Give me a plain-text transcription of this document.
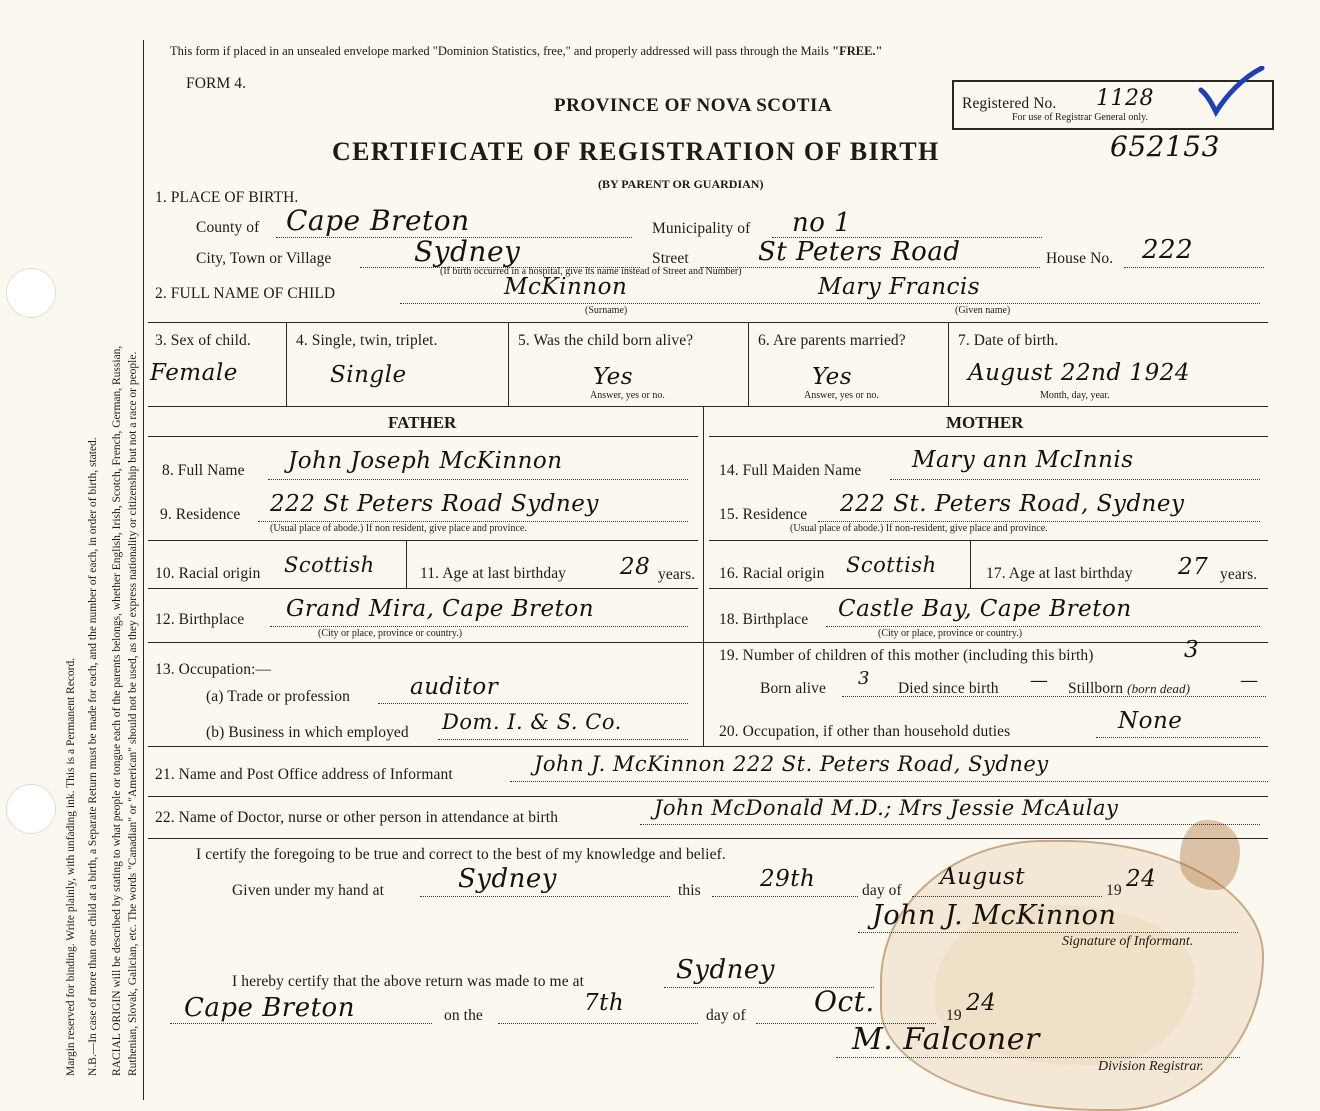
Margin reserved for binding. Write plainly, with unfading ink. This is a Permanent Record. N.B.—In case of more than one child at a birth, a Separate Return must be made for each, and the number of each, in order of birth, stated. RACIAL ORIGIN will be described by stating to what people or tongue each of the parents belongs, whether English, Irish, Scotch, French, German, Russian, Ruthenian, Slovak, Galician, etc. The words "Canadian" or "American" should not be used, as they express nationality or citizenship but not a race or people.
This form if placed in an unsealed envelope marked "Dominion Statistics, free," and properly addressed will pass through the Mails "FREE."
FORM 4.
PROVINCE OF NOVA SCOTIA
CERTIFICATE OF REGISTRATION OF BIRTH
(BY PARENT OR GUARDIAN)
652153
Registered No. 1128
For use of Registrar General only.
1. PLACE OF BIRTH.
County of Cape Breton	Municipality of no 1
City, Town or Village	Sydney	Street	St Peters Road	House No. 222
(If birth occurred in a hospital, give its name instead of Street and Number)
2. FULL NAME OF CHILD	McKinnon	Mary Francis
(Surname)	(Given name)
3. Sex of child.
Female
4. Single, twin, triplet.
Single
5. Was the child born alive?
Yes
Answer, yes or no.
6. Are parents married?
Yes
Answer, yes or no.
7. Date of birth.
August 22nd 1924
Month, day, year.
FATHER	MOTHER
8. Full Name John Joseph McKinnon
9. Residence 222 St Peters Road Sydney
(Usual place of abode.) If non resident, give place and province.
10. Racial origin Scottish	11. Age at last birthday 28 years.
12. Birthplace Grand Mira, Cape Breton
(City or place, province or country.)
13. Occupation:—
(a) Trade or profession	auditor
(b) Business in which employed Dom. I. & S. Co.
14. Full Maiden Name Mary ann McInnis
15. Residence 222 St. Peters Road, Sydney
(Usual place of abode.) If non-resident, give place and province.
16. Racial origin Scottish	17. Age at last birthday 27 years.
18. Birthplace Castle Bay, Cape Breton
(City or place, province or country.)
19. Number of children of this mother (including this birth)	3
Born alive 3 Died since birth — Stillborn (born dead)	—
20. Occupation, if other than household duties	None
21. Name and Post Office address of Informant	John J. McKinnon 222 St. Peters Road, Sydney
22. Name of Doctor, nurse or other person in attendance at birth	John McDonald M.D.; Mrs Jessie McAulay
I certify the foregoing to be true and correct to the best of my knowledge and belief.
Given under my hand at	Sydney	this	29th	day of
August
19 24
John J. McKinnon
Signature of Informant.
I hereby certify that the above return was made to me at	Sydney
Cape Breton	on the	7th	day of Oct.	19 24
M. Falconer
Division Registrar.
